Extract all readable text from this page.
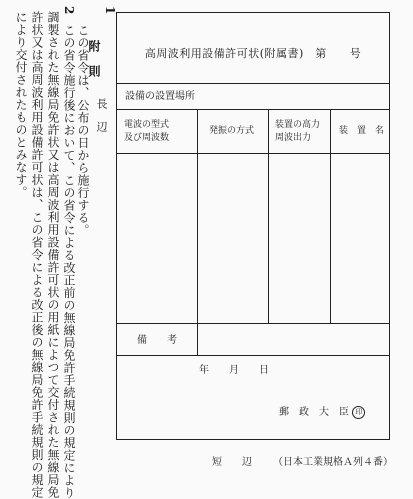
1
附　則
この省令は、公布の日から施行する。
2
この省令施行後において、この省令による改正前の無線局免許手続規則の規定により
調製された無線局免許状又は高周波利用設備許可状の用紙によつて交付された無線局免
許状又は高周波利用設備許可状は、この省令による改正後の無線局免許手続規則の規定
により交付されたものとみなす。	長　辺
高周波利用設備許可状(附属書)　第　　号
設備の設置場所
電波の型式
及び周波数
発振の方式
装置の高力
周波出力
装　置　名
備　　考
年　　月　　日
郵　政　大　臣 印
短　　辺 （日本工業規格Ａ列４番）
